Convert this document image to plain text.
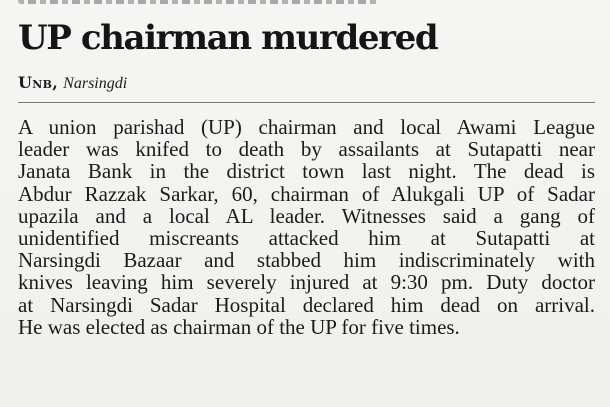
UP chairman murdered
Unb, Narsingdi
A union parishad (UP) chairman and local Awami League
leader was knifed to death by assailants at Sutapatti near
Janata Bank in the district town last night. The dead is
Abdur Razzak Sarkar, 60, chairman of Alukgali UP of Sadar
upazila and a local AL leader. Witnesses said a gang of
unidentified miscreants attacked him at Sutapatti at
Narsingdi Bazaar and stabbed him indiscriminately with
knives leaving him severely injured at 9:30 pm. Duty doctor
at Narsingdi Sadar Hospital declared him dead on arrival.
He was elected as chairman of the UP for five times.
